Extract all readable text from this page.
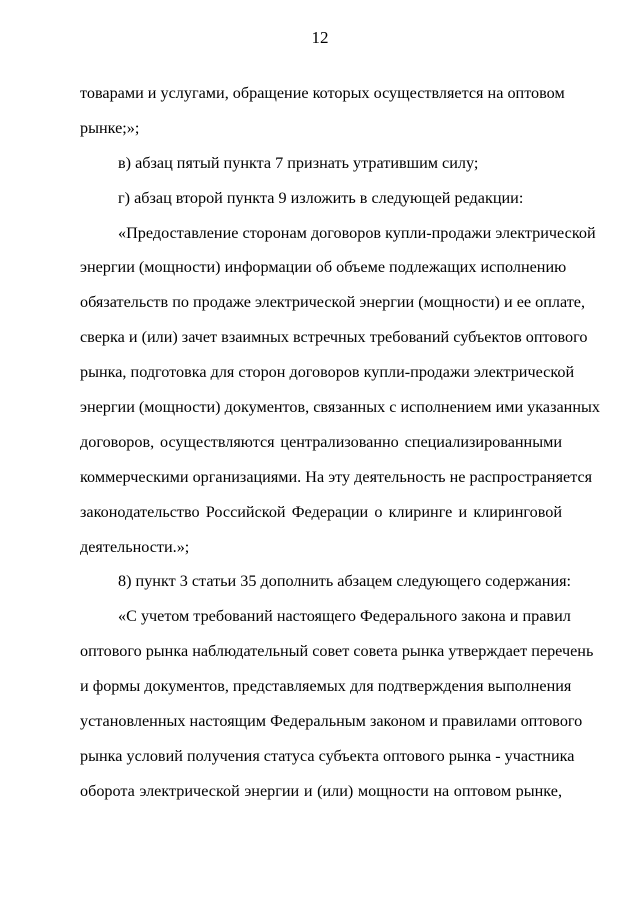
12
товарами и услугами, обращение которых осуществляется на оптовом
рынке;»;
в) абзац пятый пункта 7 признать утратившим силу;
г) абзац второй пункта 9 изложить в следующей редакции:
«Предоставление сторонам договоров купли-продажи электрической
энергии (мощности) информации об объеме подлежащих исполнению
обязательств по продаже электрической энергии (мощности) и ее оплате,
сверка и (или) зачет взаимных встречных требований субъектов оптового
рынка, подготовка для сторон договоров купли-продажи электрической
энергии (мощности) документов, связанных с исполнением ими указанных
договоров, осуществляются централизованно специализированными
коммерческими организациями. На эту деятельность не распространяется
законодательство Российской Федерации о клиринге и клиринговой
деятельности.»;
8) пункт 3 статьи 35 дополнить абзацем следующего содержания:
«С учетом требований настоящего Федерального закона и правил
оптового рынка наблюдательный совет совета рынка утверждает перечень
и формы документов, представляемых для подтверждения выполнения
установленных настоящим Федеральным законом и правилами оптового
рынка условий получения статуса субъекта оптового рынка - участника
оборота электрической энергии и (или) мощности на оптовом рынке,
